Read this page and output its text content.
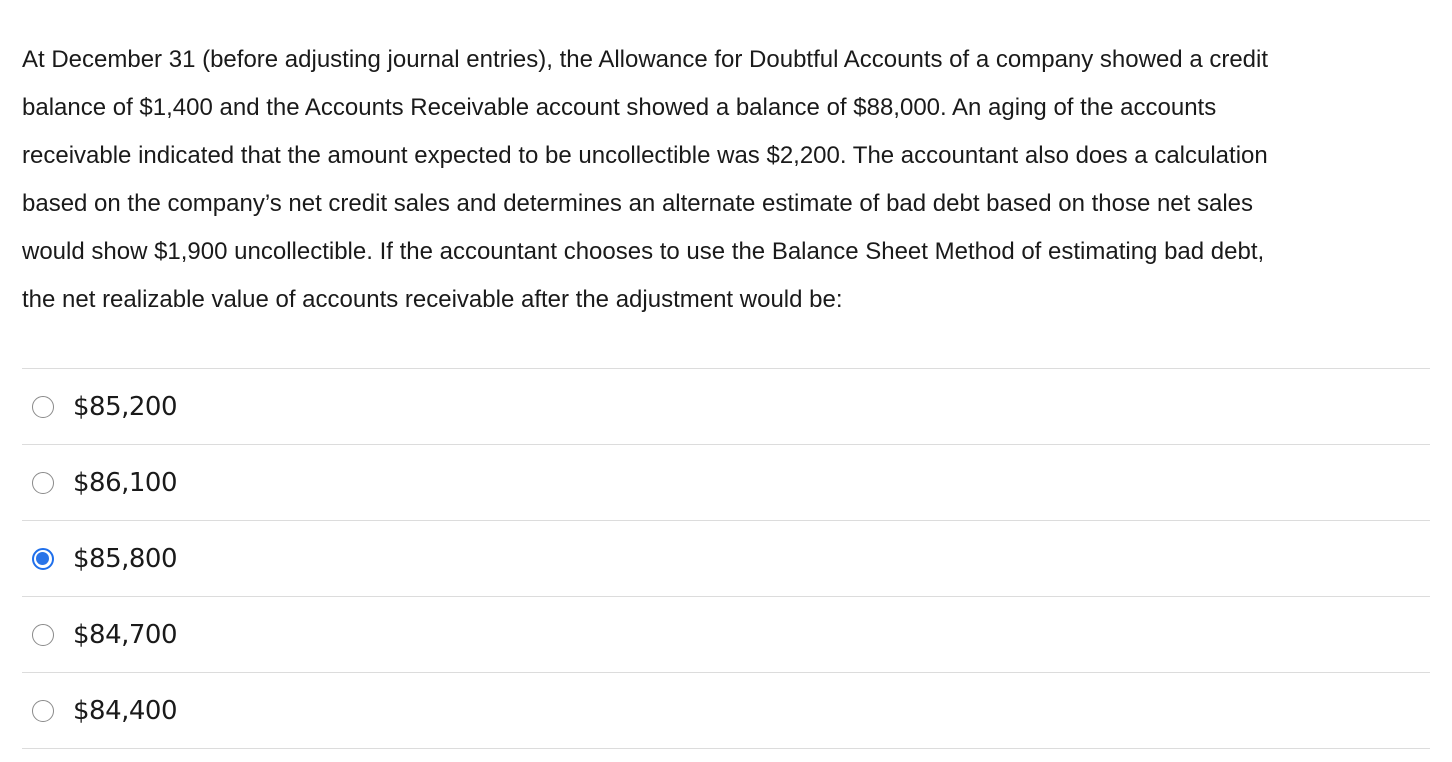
At December 31 (before adjusting journal entries), the Allowance for Doubtful Accounts of a company showed a credit
balance of $1,400 and the Accounts Receivable account showed a balance of $88,000. An aging of the accounts
receivable indicated that the amount expected to be uncollectible was $2,200. The accountant also does a calculation
based on the company’s net credit sales and determines an alternate estimate of bad debt based on those net sales
would show $1,900 uncollectible. If the accountant chooses to use the Balance Sheet Method of estimating bad debt,
the net realizable value of accounts receivable after the adjustment would be:
$85,200
$86,100
$85,800
$84,700
$84,400
